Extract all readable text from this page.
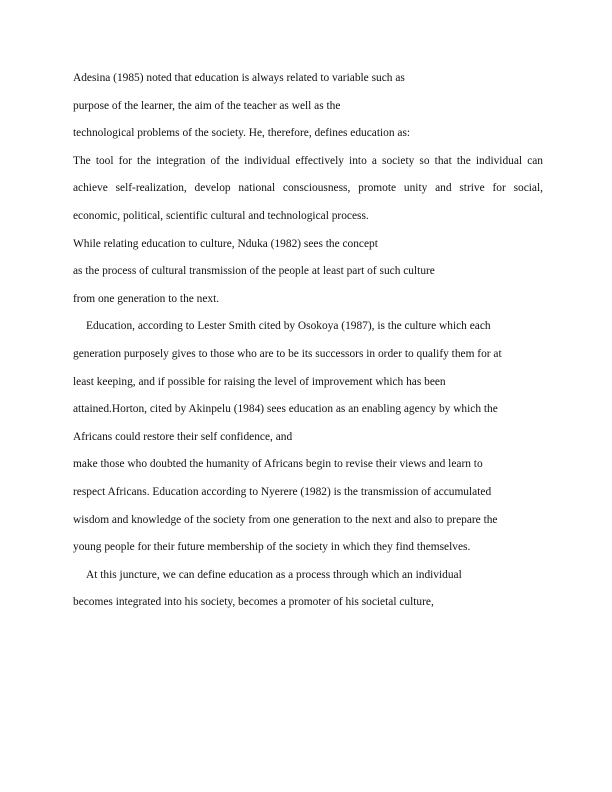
Adesina (1985) noted that education is always related to variable such as
purpose of the learner, the aim of the teacher as well as the
technological problems of the society. He, therefore, defines education as:
The tool for the integration of the individual effectively into a society so that the individual can
achieve self-realization, develop national consciousness, promote unity and strive for social,
economic, political, scientific cultural and technological process.
While relating education to culture, Nduka (1982) sees the concept
as the process of cultural transmission of the people at least part of such culture
from one generation to the next.
Education, according to Lester Smith cited by Osokoya (1987), is the culture which each
generation purposely gives to those who are to be its successors in order to qualify them for at
least keeping, and if possible for raising the level of improvement which has been
attained.Horton, cited by Akinpelu (1984) sees education as an enabling agency by which the
Africans could restore their self confidence, and
make those who doubted the humanity of Africans begin to revise their views and learn to
respect Africans. Education according to Nyerere (1982) is the transmission of accumulated
wisdom and knowledge of the society from one generation to the next and also to prepare the
young people for their future membership of the society in which they find themselves.
At this juncture, we can define education as a process through which an individual
becomes integrated into his society, becomes a promoter of his societal culture,
